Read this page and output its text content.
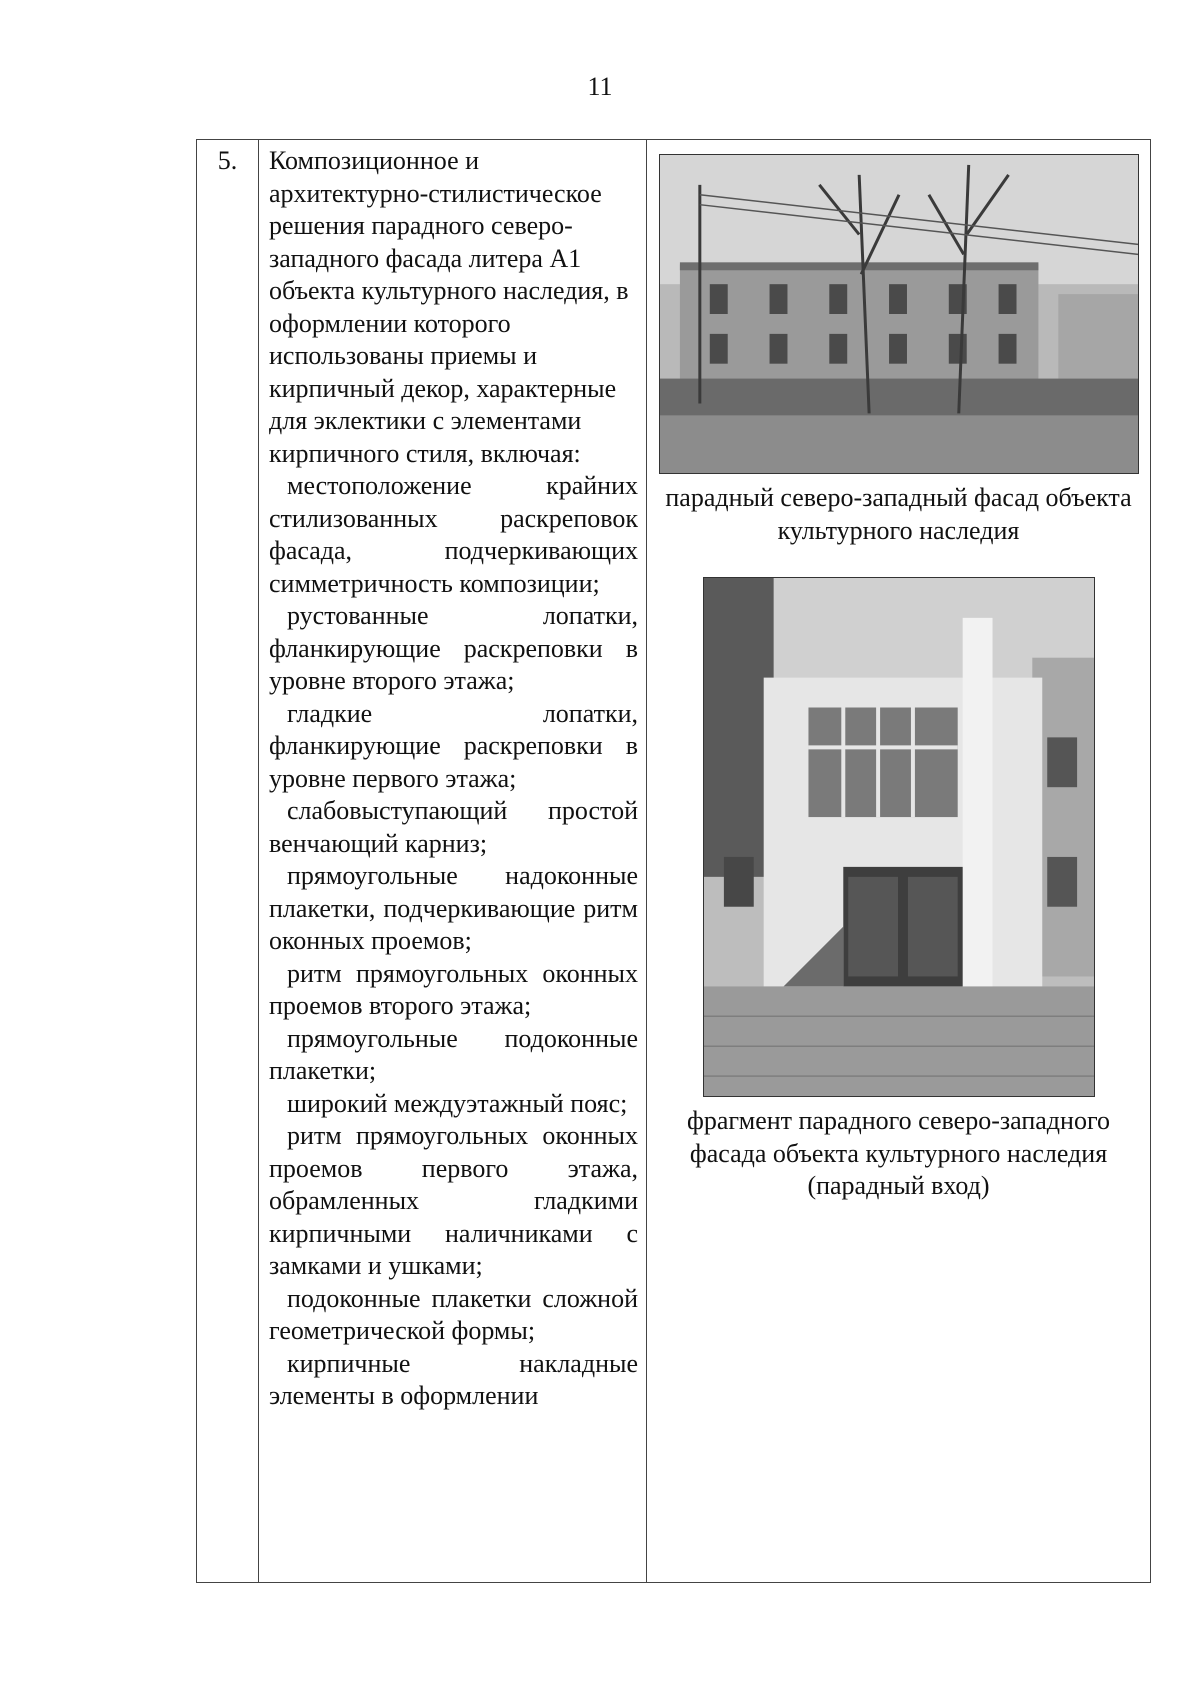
11
5.	Композиционное и архитектурно-стилистическое решения парадного северо-западного фасада литера А1 объекта культурного наследия, в оформлении которого использованы приемы и кирпичный декор, характерные для эклектики с элементами кирпичного стиля, включая:

местоположение крайних стилизованных раскреповок фасада, подчеркивающих симметричность композиции;

рустованные лопатки, фланкирующие раскреповки в уровне второго этажа;

гладкие лопатки, фланкирующие раскреповки в уровне первого этажа;

слабовыступающий простой венчающий карниз;

прямоугольные надоконные плакетки, подчеркивающие ритм оконных проемов;

ритм прямоугольных оконных проемов второго этажа;

прямоугольные подоконные плакетки;

широкий междуэтажный пояс;

ритм прямоугольных оконных проемов первого этажа, обрамленных гладкими кирпичными наличниками с замками и ушками;

подоконные плакетки сложной геометрической формы;

кирпичные накладные элементы в оформлении

парадный северо-западный фасад объекта культурного наследия
фрагмент парадного северо-западного фасада объекта культурного наследия (парадный вход)
